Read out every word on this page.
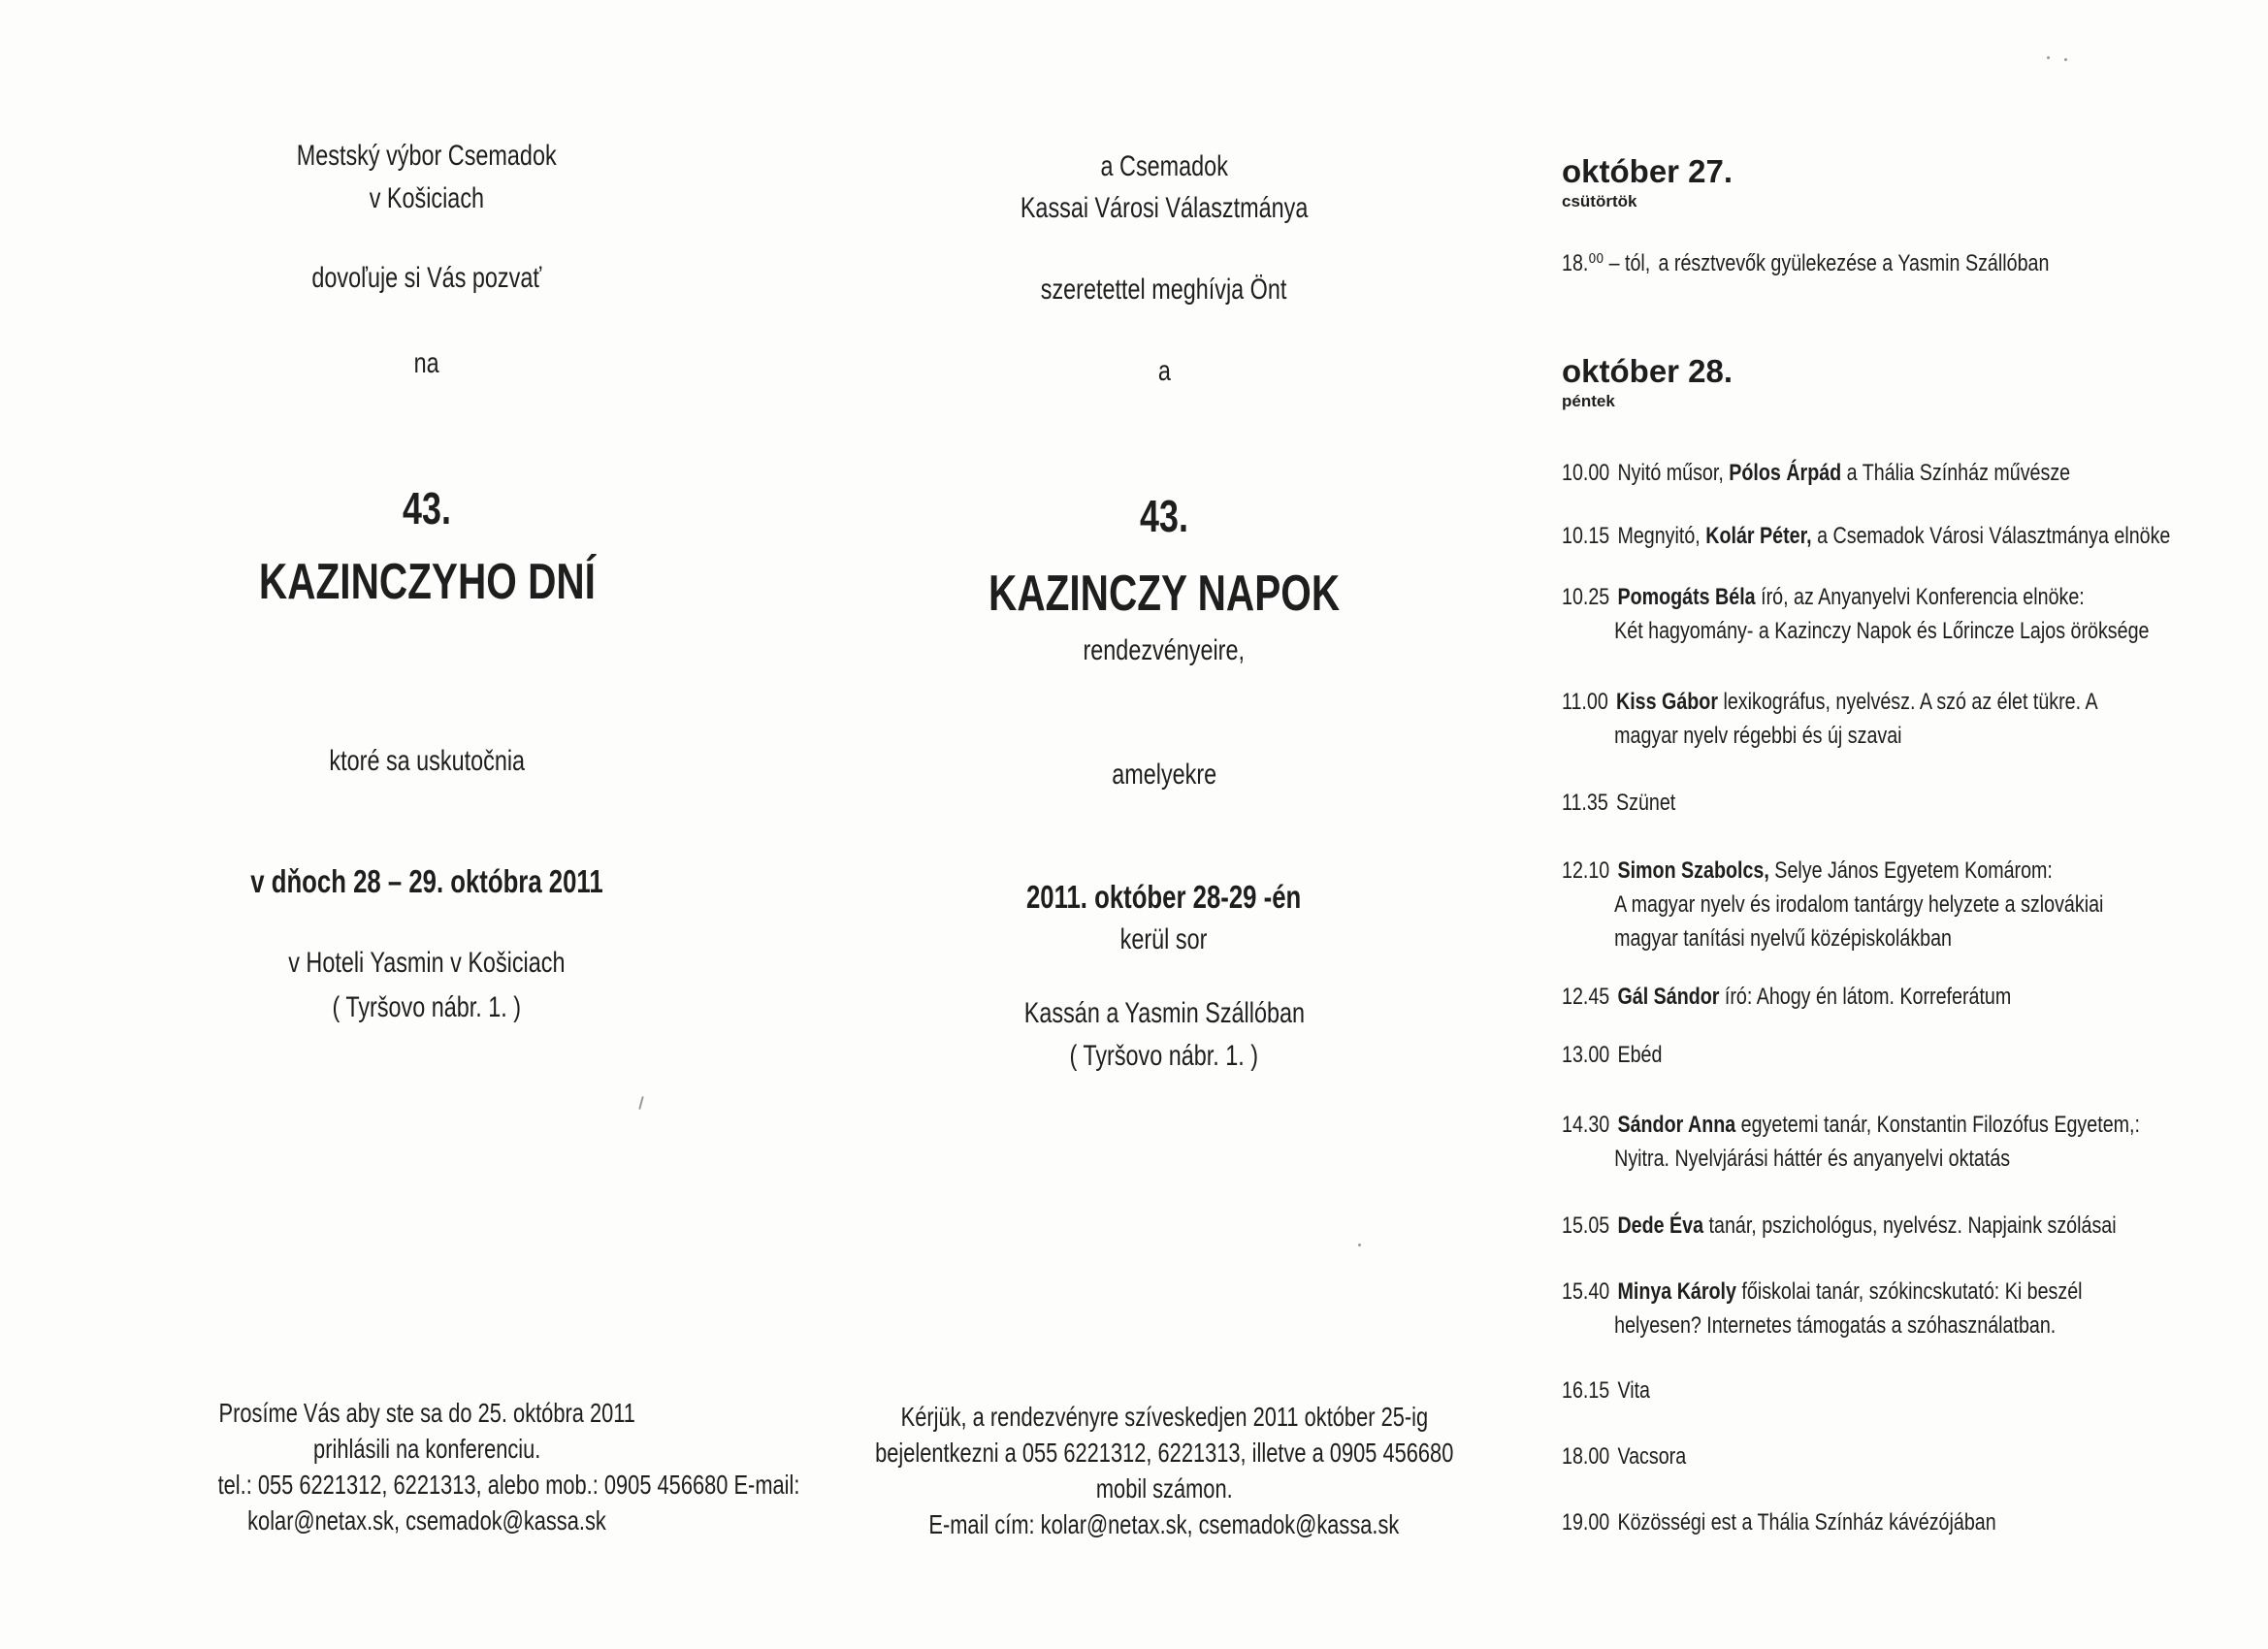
Mestský výbor Csemadok
v Košiciach
dovoľuje si Vás pozvať
na
43.
KAZINCZYHO DNÍ
ktoré sa uskutočnia
v dňoch 28 – 29. októbra 2011
v Hoteli Yasmin v Košiciach
( Tyršovo nábr. 1. )
Prosíme Vás aby ste sa do 25. októbra 2011
prihlásili na konferenciu.
tel.: 055 6221312, 6221313, alebo mob.: 0905 456680 E-mail:
kolar@netax.sk, csemadok@kassa.sk
a Csemadok
Kassai Városi Választmánya
szeretettel meghívja Önt
a
43.
KAZINCZY NAPOK
rendezvényeire,
amelyekre
2011. október 28-29 -én
kerül sor
Kassán a Yasmin Szállóban
( Tyršovo nábr. 1. )
Kérjük, a rendezvényre szíveskedjen 2011 október 25-ig
bejelentkezni a 055 6221312, 6221313, illetve a 0905 456680
mobil számon.
E-mail cím: kolar@netax.sk, csemadok@kassa.sk
október 27.
csütörtök
18.⁰⁰ – tól, a résztvevők gyülekezése a Yasmin Szállóban
október 28.
péntek
10.00 Nyitó műsor, Pólos Árpád a Thália Színház művésze
10.15 Megnyitó, Kolár Péter, a Csemadok Városi Választmánya elnöke
10.25 Pomogáts Béla író, az Anyanyelvi Konferencia elnöke:
Két hagyomány- a Kazinczy Napok és Lőrincze Lajos öröksége
11.00 Kiss Gábor lexikográfus, nyelvész. A szó az élet tükre. A
magyar nyelv régebbi és új szavai
11.35 Szünet
12.10 Simon Szabolcs, Selye János Egyetem Komárom:
A magyar nyelv és irodalom tantárgy helyzete a szlovákiai
magyar tanítási nyelvű középiskolákban
12.45 Gál Sándor író: Ahogy én látom. Korreferátum
13.00 Ebéd
14.30 Sándor Anna egyetemi tanár, Konstantin Filozófus Egyetem,:
Nyitra. Nyelvjárási háttér és anyanyelvi oktatás
15.05 Dede Éva tanár, pszichológus, nyelvész. Napjaink szólásai
15.40 Minya Károly főiskolai tanár, szókincskutató: Ki beszél
helyesen? Internetes támogatás a szóhasználatban.
16.15 Vita
18.00 Vacsora
19.00 Közösségi est a Thália Színház kávézójában
